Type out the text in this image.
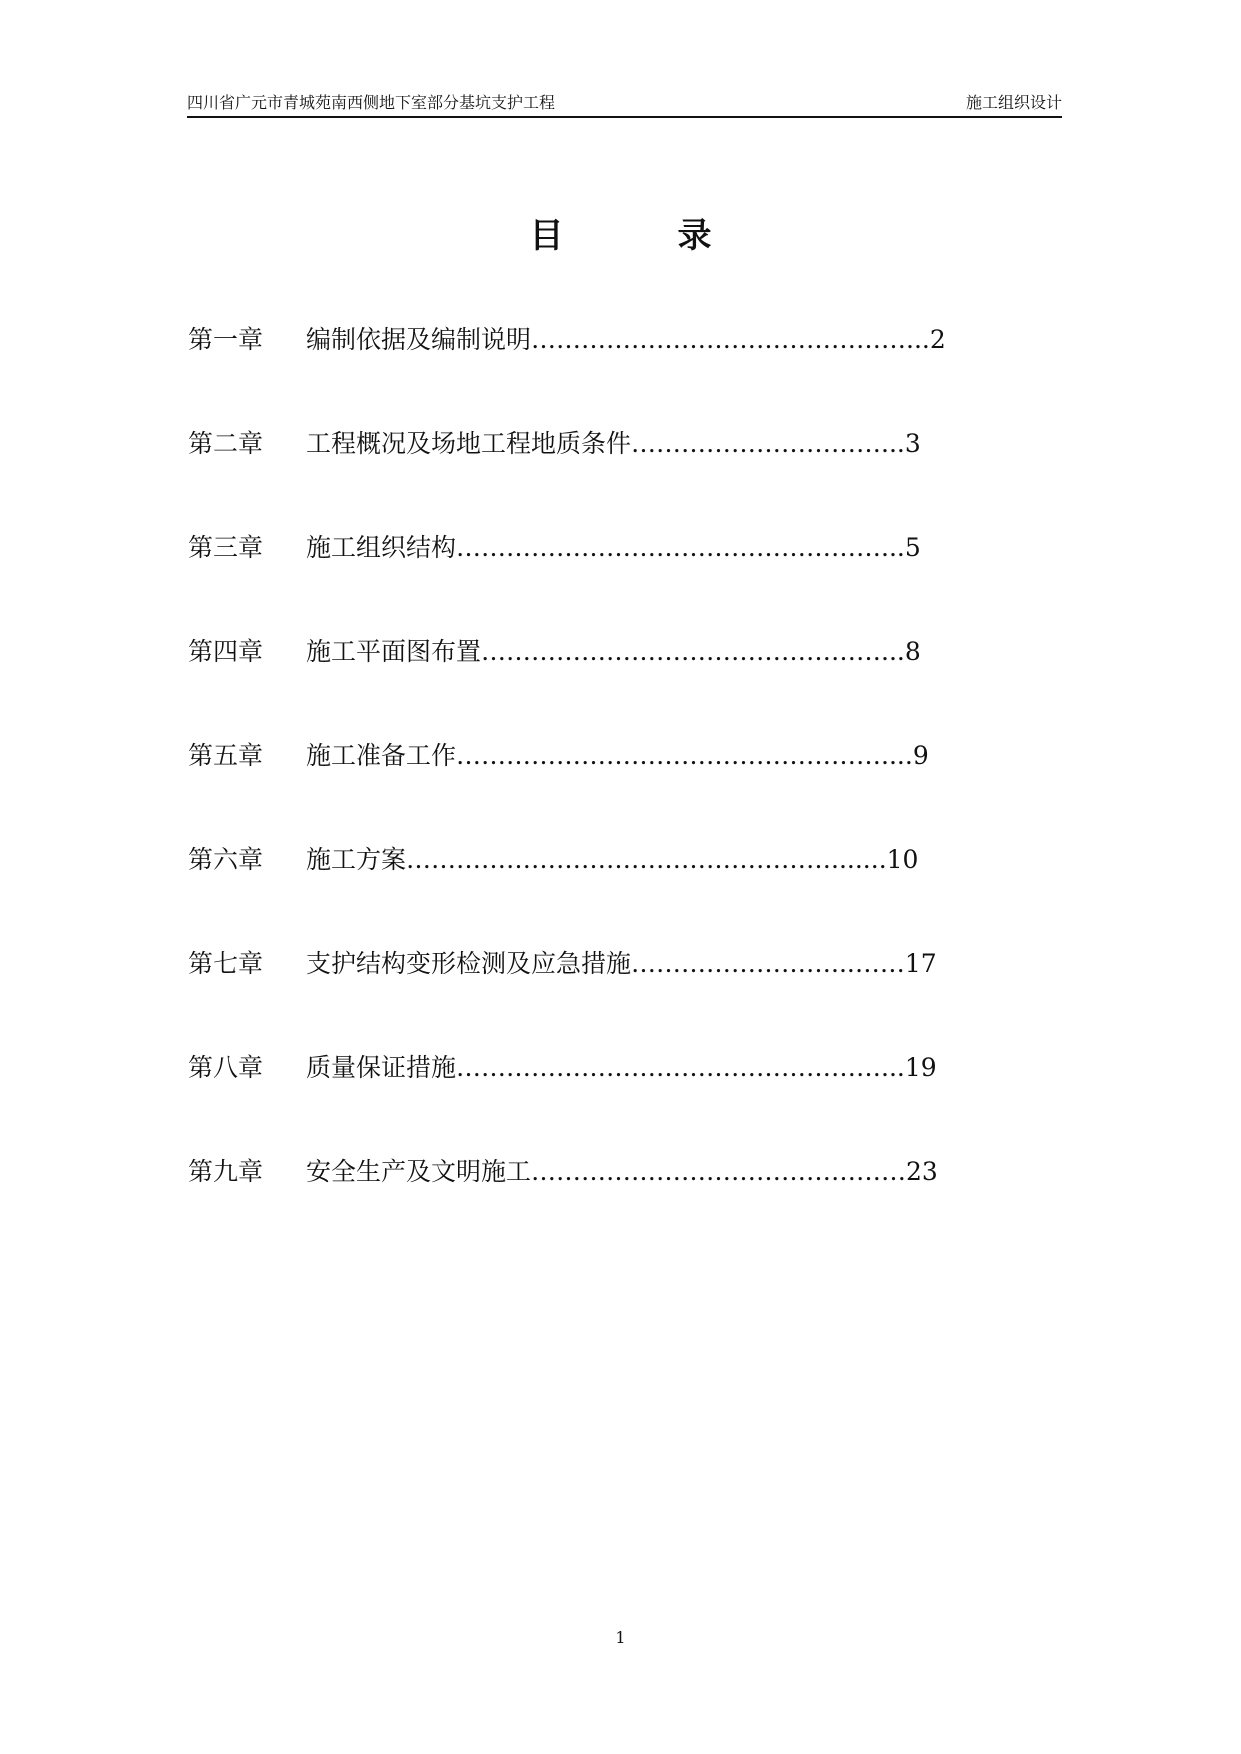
四川省广元市青城苑南西侧地下室部分基坑支护工程	施工组织设计
目　录
第一章 编制依据及编制说明………………………………………...2
第二章 工程概况及场地工程地质条件…………………………...3
第三章 施工组织结构……………………………………………...5
第四章 施工平面图布置…………………………………………...8
第五章 施工准备工作……………………………………………....9
第六章 施工方案…………………………………………….......10
第七章 支护结构变形检测及应急措施……………………...……17
第八章 质量保证措施……………………………………………...19
第九章 安全生产及文明施工………………………………………23
1
